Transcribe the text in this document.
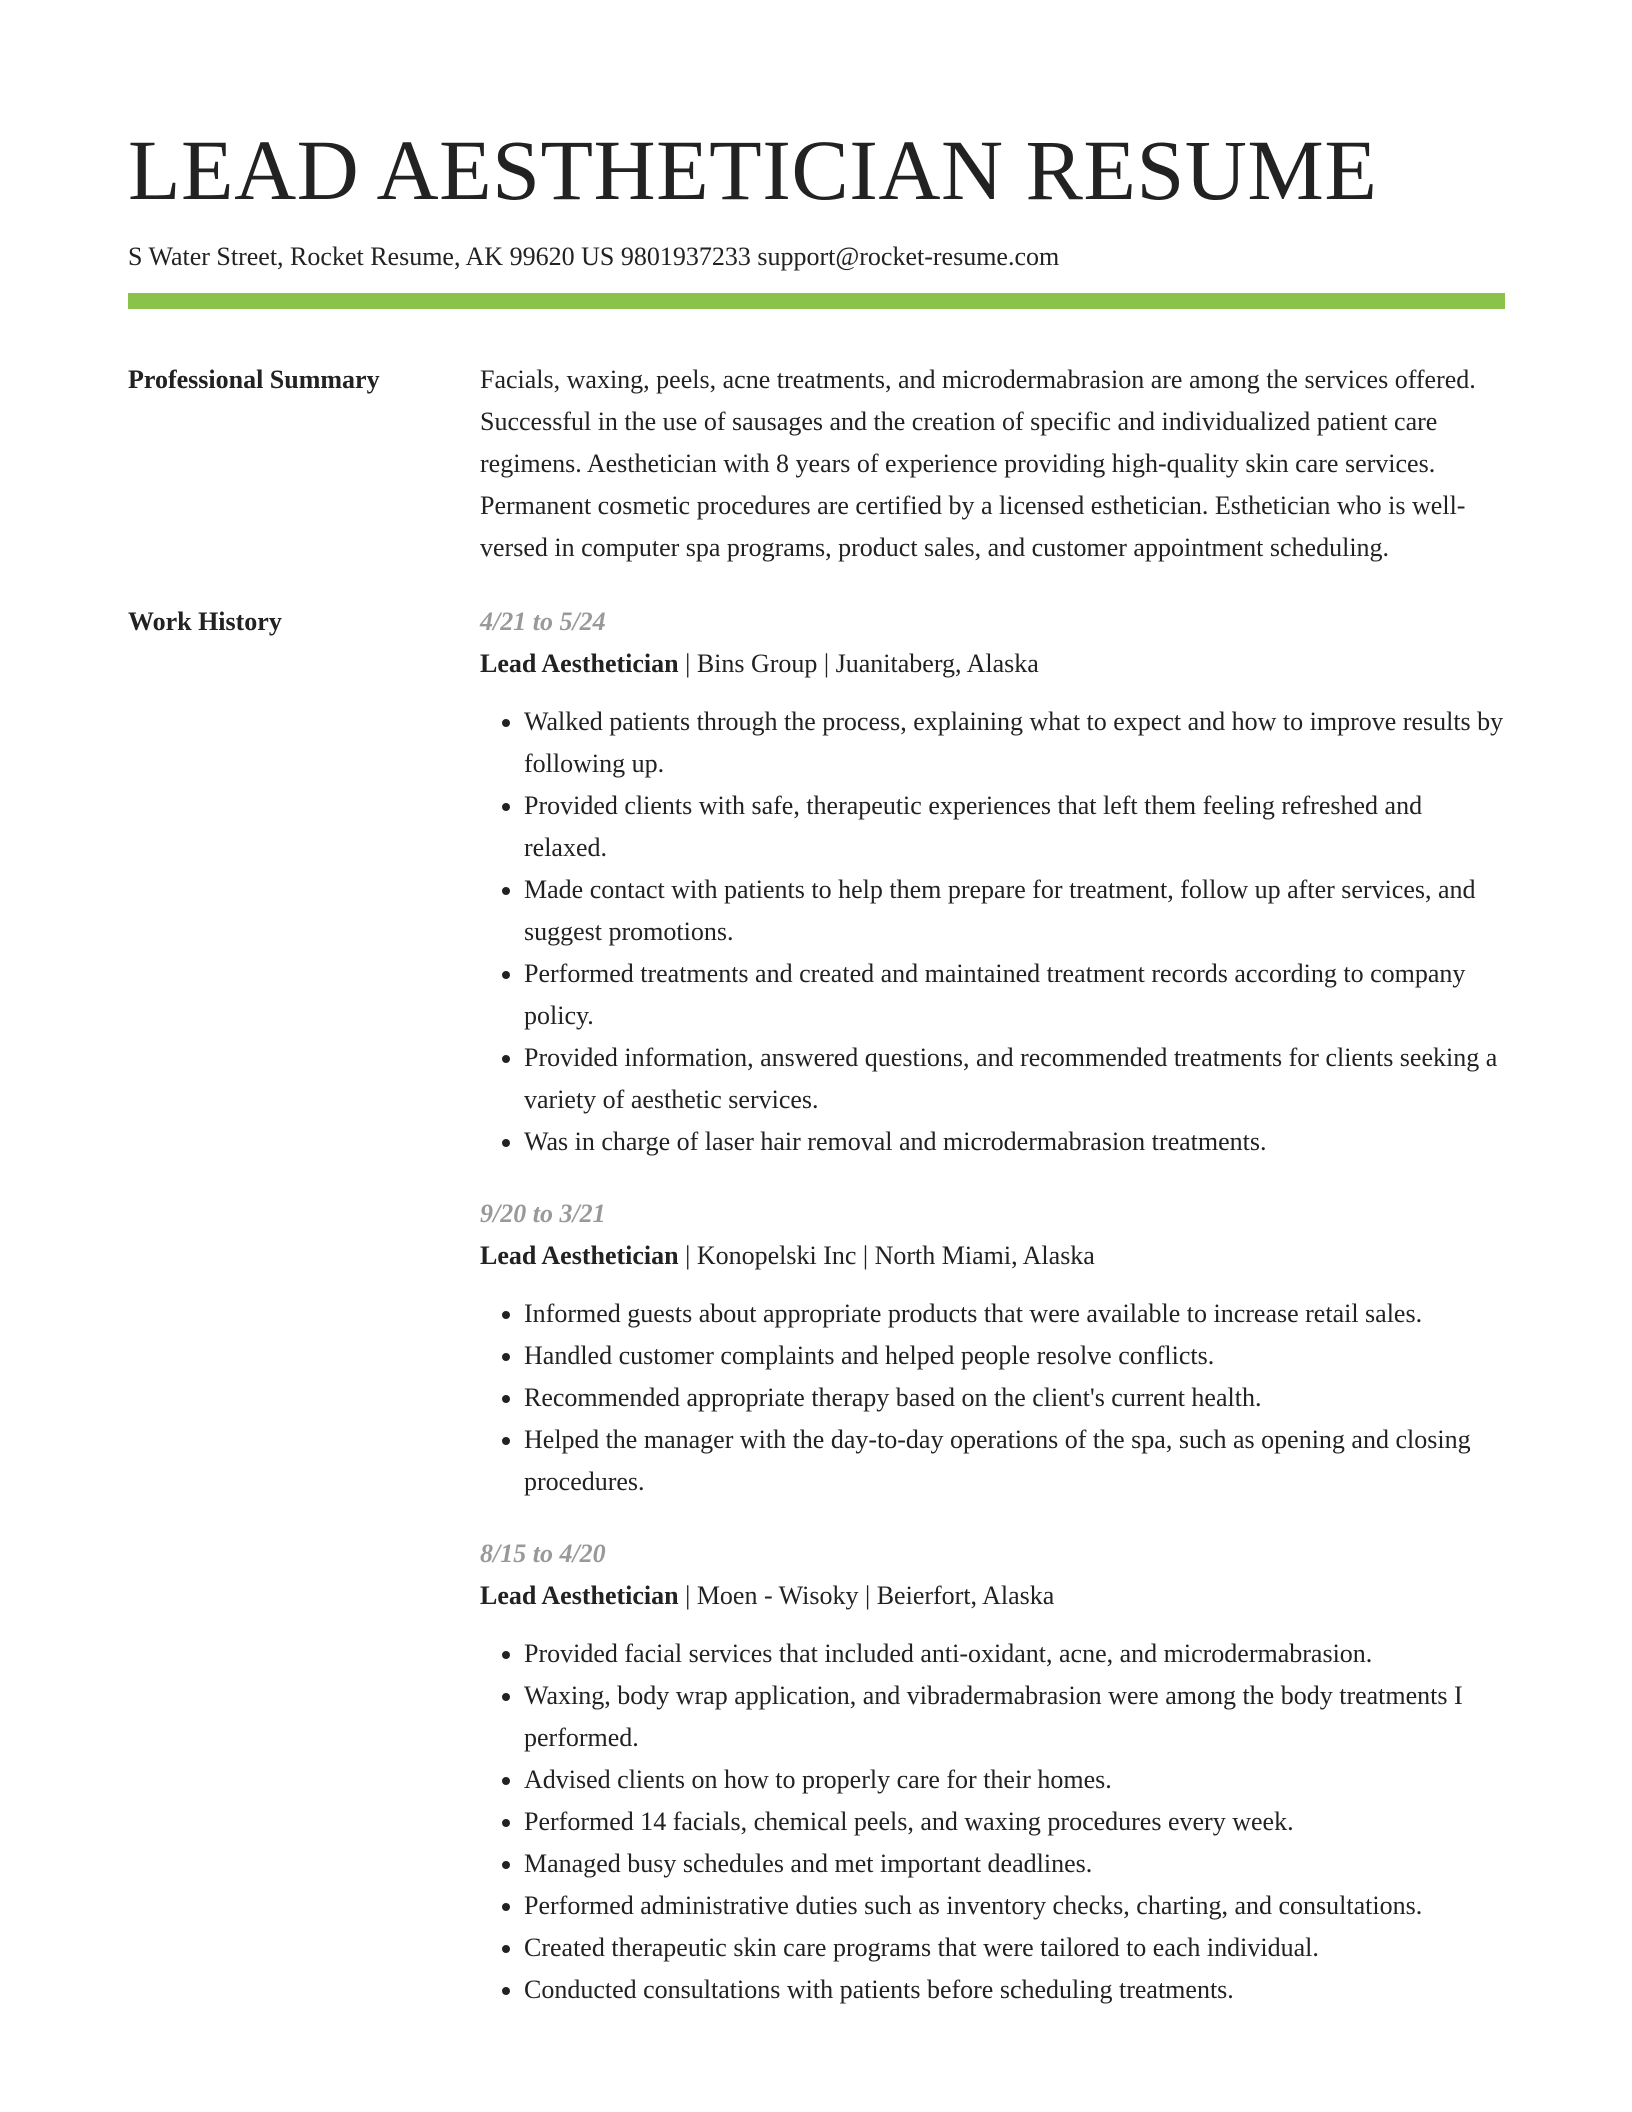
LEAD AESTHETICIAN RESUME
S Water Street, Rocket Resume, AK 99620 US 9801937233 support@rocket-resume.com
Professional Summary	Facials, waxing, peels, acne treatments, and microdermabrasion are among the services offered. Successful in the use of sausages and the creation of specific and individualized patient care regimens. Aesthetician with 8 years of experience providing high-quality skin care services. Permanent cosmetic procedures are certified by a licensed esthetician. Esthetician who is well-versed in computer spa programs, product sales, and customer appointment scheduling.

Work History	4/21 to 5/24
Lead Aesthetician | Bins Group | Juanitaberg, Alaska
• Walked patients through the process, explaining what to expect and how to improve results by following up.
• Provided clients with safe, therapeutic experiences that left them feeling refreshed and relaxed.
• Made contact with patients to help them prepare for treatment, follow up after services, and suggest promotions.
• Performed treatments and created and maintained treatment records according to company policy.
• Provided information, answered questions, and recommended treatments for clients seeking a variety of aesthetic services.
• Was in charge of laser hair removal and microdermabrasion treatments.
9/20 to 3/21
Lead Aesthetician | Konopelski Inc | North Miami, Alaska
• Informed guests about appropriate products that were available to increase retail sales.
• Handled customer complaints and helped people resolve conflicts.
• Recommended appropriate therapy based on the client's current health.
• Helped the manager with the day-to-day operations of the spa, such as opening and closing procedures.
8/15 to 4/20
Lead Aesthetician | Moen - Wisoky | Beierfort, Alaska
• Provided facial services that included anti-oxidant, acne, and microdermabrasion.
• Waxing, body wrap application, and vibradermabrasion were among the body treatments I performed.
• Advised clients on how to properly care for their homes.
• Performed 14 facials, chemical peels, and waxing procedures every week.
• Managed busy schedules and met important deadlines.
• Performed administrative duties such as inventory checks, charting, and consultations.
• Created therapeutic skin care programs that were tailored to each individual.
• Conducted consultations with patients before scheduling treatments.
